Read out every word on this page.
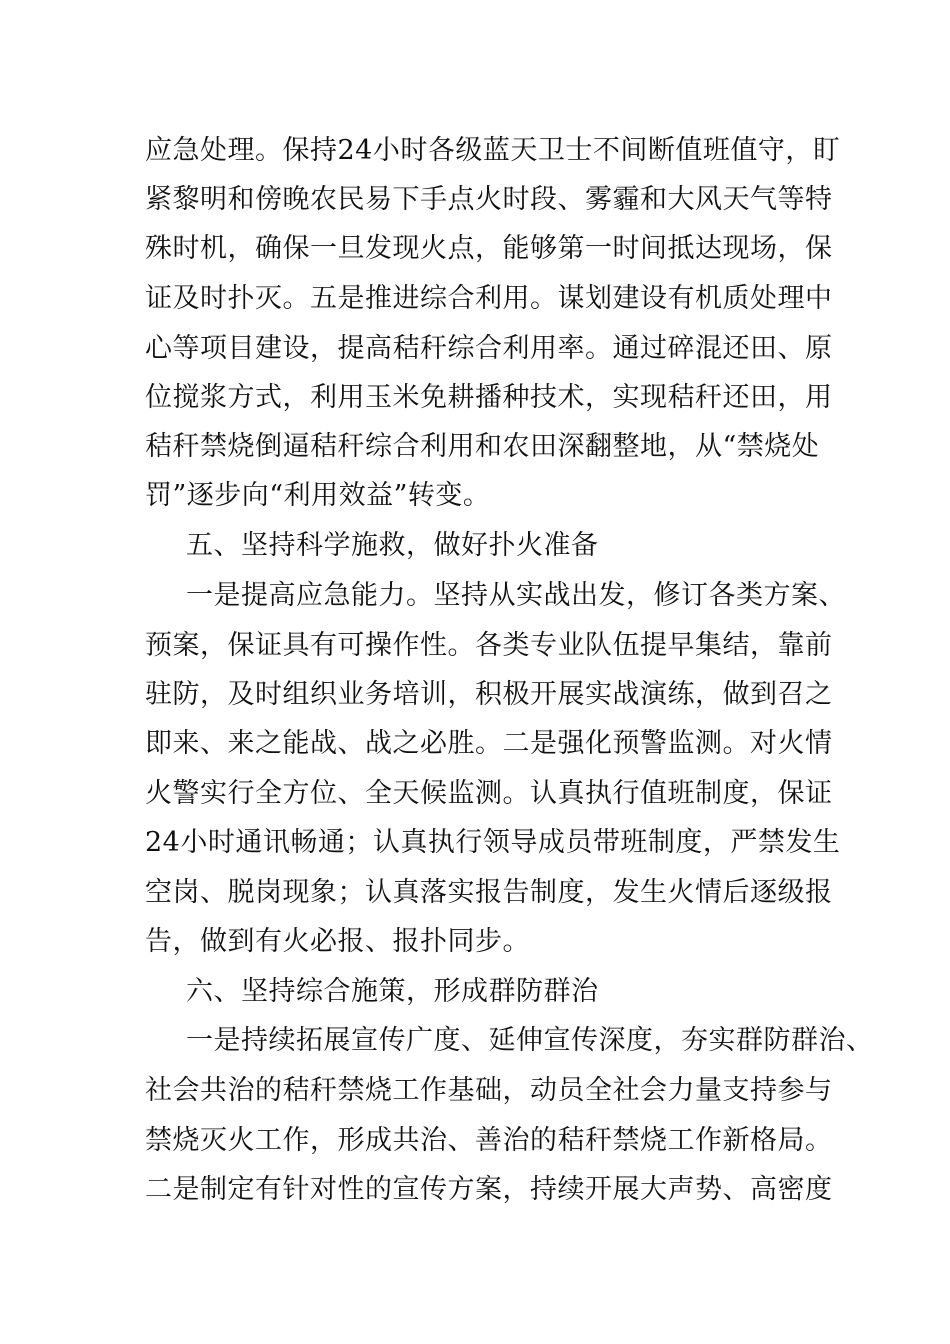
应急处理。保持24小时各级蓝天卫士不间断值班值守，盯
紧黎明和傍晚农民易下手点火时段、雾霾和大风天气等特
殊时机，确保一旦发现火点，能够第一时间抵达现场，保
证及时扑灭。五是推进综合利用。谋划建设有机质处理中
心等项目建设，提高秸秆综合利用率。通过碎混还田、原
位搅浆方式，利用玉米免耕播种技术，实现秸秆还田，用
秸秆禁烧倒逼秸秆综合利用和农田深翻整地，从“禁烧处
罚”逐步向“利用效益”转变。
五、坚持科学施救，做好扑火准备
一是提高应急能力。坚持从实战出发，修订各类方案、
预案，保证具有可操作性。各类专业队伍提早集结，靠前
驻防，及时组织业务培训，积极开展实战演练，做到召之
即来、来之能战、战之必胜。二是强化预警监测。对火情
火警实行全方位、全天候监测。认真执行值班制度，保证
24小时通讯畅通；认真执行领导成员带班制度，严禁发生
空岗、脱岗现象；认真落实报告制度，发生火情后逐级报
告，做到有火必报、报扑同步。
六、坚持综合施策，形成群防群治
一是持续拓展宣传广度、延伸宣传深度，夯实群防群治、
社会共治的秸秆禁烧工作基础，动员全社会力量支持参与
禁烧灭火工作，形成共治、善治的秸秆禁烧工作新格局。
二是制定有针对性的宣传方案，持续开展大声势、高密度
